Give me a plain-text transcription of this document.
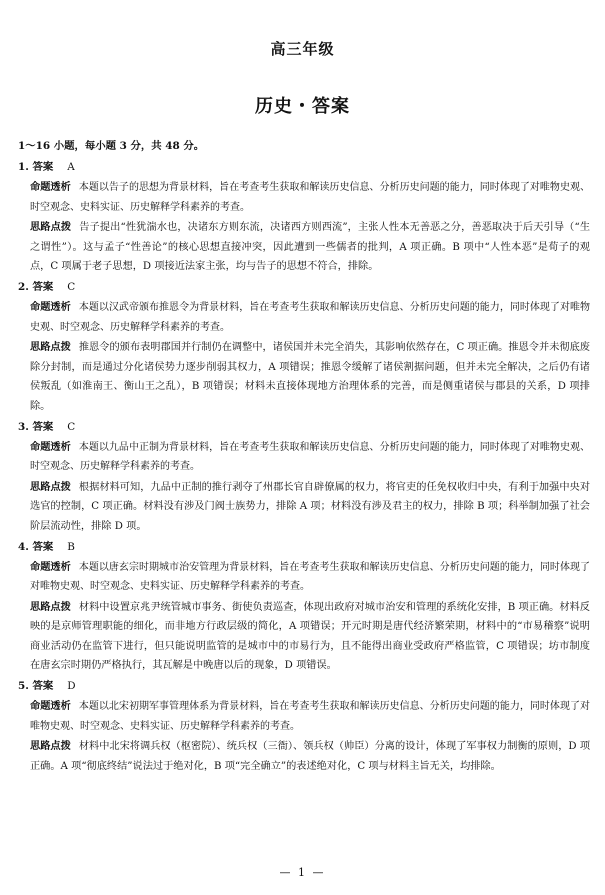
高三年级
历史・答案
1～16 小题，每小题 3 分，共 48 分。
1. 答案 A
命题透析 本题以告子的思想为背景材料，旨在考查考生获取和解读历史信息、分析历史问题的能力，同时体现了对唯物史观、时空观念、史料实证、历史解释学科素养的考查。
思路点拨 告子提出“性犹湍水也，决诸东方则东流，决诸西方则西流”，主张人性本无善恶之分，善恶取决于后天引导（“生之谓性”）。这与孟子“性善论”的核心思想直接冲突，因此遭到一些儒者的批判，A 项正确。B 项中“人性本恶”是荀子的观点，C 项属于老子思想，D 项接近法家主张，均与告子的思想不符合，排除。
2. 答案 C
命题透析 本题以汉武帝颁布推恩令为背景材料，旨在考查考生获取和解读历史信息、分析历史问题的能力，同时体现了对唯物史观、时空观念、历史解释学科素养的考查。
思路点拨 推恩令的颁布表明郡国并行制仍在调整中，诸侯国并未完全消失，其影响依然存在，C 项正确。推恩令并未彻底废除分封制，而是通过分化诸侯势力逐步削弱其权力，A 项错误；推恩令缓解了诸侯割据问题，但并未完全解决，之后仍有诸侯叛乱（如淮南王、衡山王之乱），B 项错误；材料未直接体现地方治理体系的完善，而是侧重诸侯与郡县的关系，D 项排除。
3. 答案 C
命题透析 本题以九品中正制为背景材料，旨在考查考生获取和解读历史信息、分析历史问题的能力，同时体现了对唯物史观、时空观念、历史解释学科素养的考查。
思路点拨 根据材料可知，九品中正制的推行剥夺了州郡长官自辟僚属的权力，将官吏的任免权收归中央，有利于加强中央对选官的控制，C 项正确。材料没有涉及门阀士族势力，排除 A 项；材料没有涉及君主的权力，排除 B 项；科举制加强了社会阶层流动性，排除 D 项。
4. 答案 B
命题透析 本题以唐玄宗时期城市治安管理为背景材料，旨在考查考生获取和解读历史信息、分析历史问题的能力，同时体现了对唯物史观、时空观念、史料实证、历史解释学科素养的考查。
思路点拨 材料中设置京兆尹统管城市事务、街使负责巡查，体现出政府对城市治安和管理的系统化安排，B 项正确。材料反映的是京师管理职能的细化，而非地方行政层级的简化，A 项错误；开元时期是唐代经济繁荣期，材料中的“市易稽察”说明商业活动仍在监管下进行，但只能说明监管的是城市中的市易行为，且不能得出商业受政府严格监管，C 项错误；坊市制度在唐玄宗时期仍严格执行，其瓦解是中晚唐以后的现象，D 项错误。
5. 答案 D
命题透析 本题以北宋初期军事管理体系为背景材料，旨在考查考生获取和解读历史信息、分析历史问题的能力，同时体现了对唯物史观、时空观念、史料实证、历史解释学科素养的考查。
思路点拨 材料中北宋将调兵权（枢密院）、统兵权（三衙）、领兵权（帅臣）分离的设计，体现了军事权力制衡的原则，D 项正确。A 项“彻底终结”说法过于绝对化，B 项“完全确立”的表述绝对化，C 项与材料主旨无关，均排除。
— 1 —
